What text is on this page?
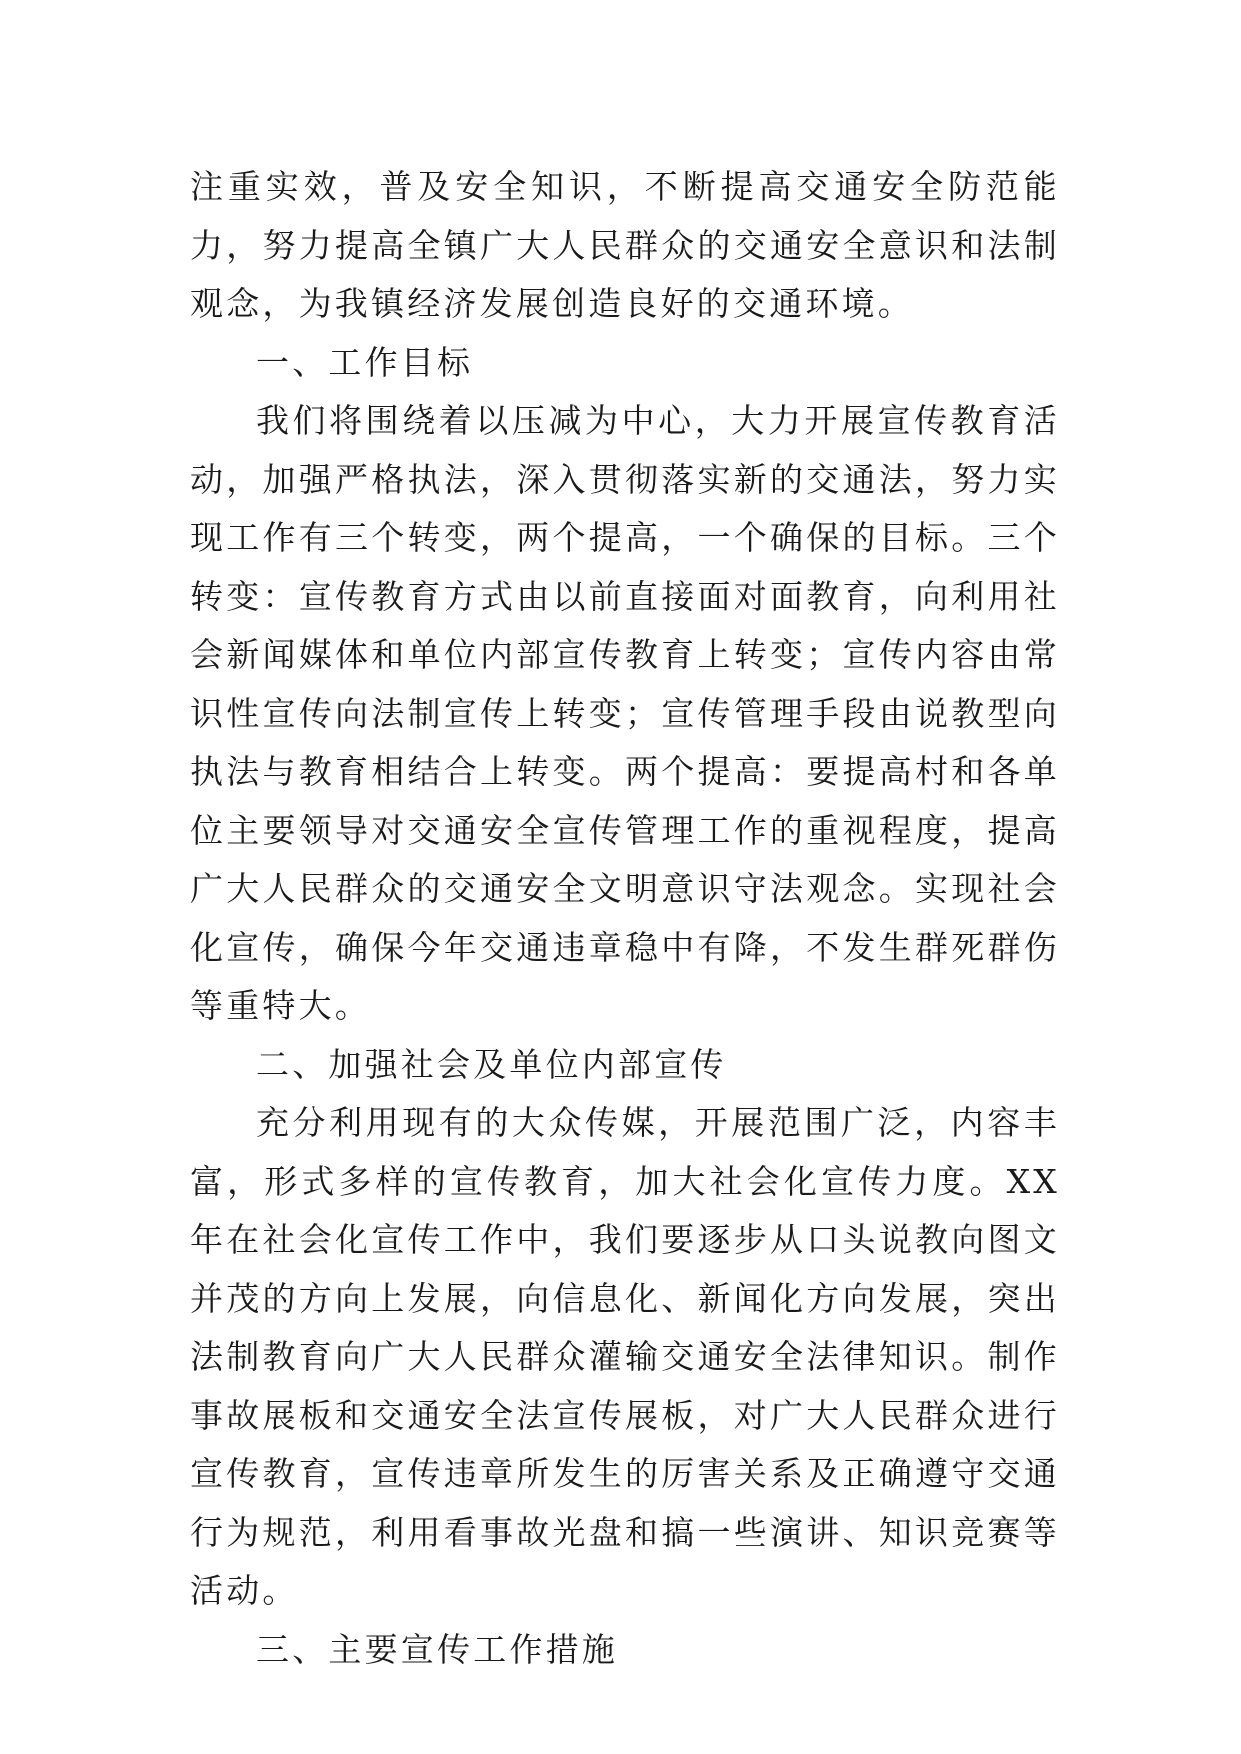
注重实效，普及安全知识，不断提高交通安全防范能力，努力提高全镇广大人民群众的交通安全意识和法制观念，为我镇经济发展创造良好的交通环境。

一、工作目标

我们将围绕着以压减为中心，大力开展宣传教育活动，加强严格执法，深入贯彻落实新的交通法，努力实现工作有三个转变，两个提高，一个确保的目标。三个转变：宣传教育方式由以前直接面对面教育，向利用社会新闻媒体和单位内部宣传教育上转变；宣传内容由常识性宣传向法制宣传上转变；宣传管理手段由说教型向执法与教育相结合上转变。两个提高：要提高村和各单位主要领导对交通安全宣传管理工作的重视程度，提高广大人民群众的交通安全文明意识守法观念。实现社会化宣传，确保今年交通违章稳中有降，不发生群死群伤等重特大。

二、加强社会及单位内部宣传

充分利用现有的大众传媒，开展范围广泛，内容丰富，形式多样的宣传教育，加大社会化宣传力度。XX 年在社会化宣传工作中，我们要逐步从口头说教向图文并茂的方向上发展，向信息化、新闻化方向发展，突出法制教育向广大人民群众灌输交通安全法律知识。制作事故展板和交通安全法宣传展板，对广大人民群众进行宣传教育，宣传违章所发生的厉害关系及正确遵守交通行为规范，利用看事故光盘和搞一些演讲、知识竞赛等活动。

三、主要宣传工作措施
